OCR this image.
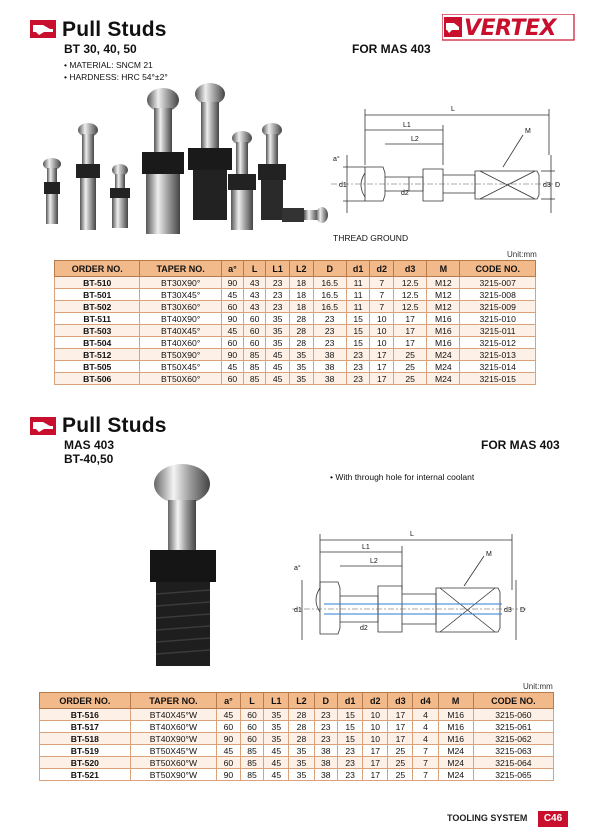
Pull Studs
BT 30, 40, 50	FOR MAS 403
• MATERIAL: SNCM 21
• HARDNESS: HRC 54°±2°
VERTEX
L
L1
L2
M
a°
d1
d2
d3 D
THREAD GROUND
Unit:mm
ORDER NO.	TAPER NO.	a°	L	L1	L2	D	d1	d2	d3	M	CODE NO.
BT-510	BT30X90°	90	43	23	18	16.5	11	7	12.5	M12	3215-007
BT-501	BT30X45°	45	43	23	18	16.5	11	7	12.5	M12	3215-008
BT-502	BT30X60°	60	43	23	18	16.5	11	7	12.5	M12	3215-009
BT-511	BT40X90°	90	60	35	28	23	15	10	17	M16	3215-010
BT-503	BT40X45°	45	60	35	28	23	15	10	17	M16	3215-011
BT-504	BT40X60°	60	60	35	28	23	15	10	17	M16	3215-012
BT-512	BT50X90°	90	85	45	35	38	23	17	25	M24	3215-013
BT-505	BT50X45°	45	85	45	35	38	23	17	25	M24	3215-014
BT-506	BT50X60°	60	85	45	35	38	23	17	25	M24	3215-015
Pull Studs
MAS 403
BT-40,50
FOR MAS 403
• With through hole for internal coolant
L
L1
L2
M
a°
d1
d2
d3 D
Unit:mm
ORDER NO.	TAPER NO.	a°	L	L1	L2	D	d1	d2	d3	d4	M	CODE NO.
BT-516	BT40X45°W	45	60	35	28	23	15	10	17	4	M16	3215-060
BT-517	BT40X60°W	60	60	35	28	23	15	10	17	4	M16	3215-061
BT-518	BT40X90°W	90	60	35	28	23	15	10	17	4	M16	3215-062
BT-519	BT50X45°W	45	85	45	35	38	23	17	25	7	M24	3215-063
BT-520	BT50X60°W	60	85	45	35	38	23	17	25	7	M24	3215-064
BT-521	BT50X90°W	90	85	45	35	38	23	17	25	7	M24	3215-065
TOOLING SYSTEM	C46
